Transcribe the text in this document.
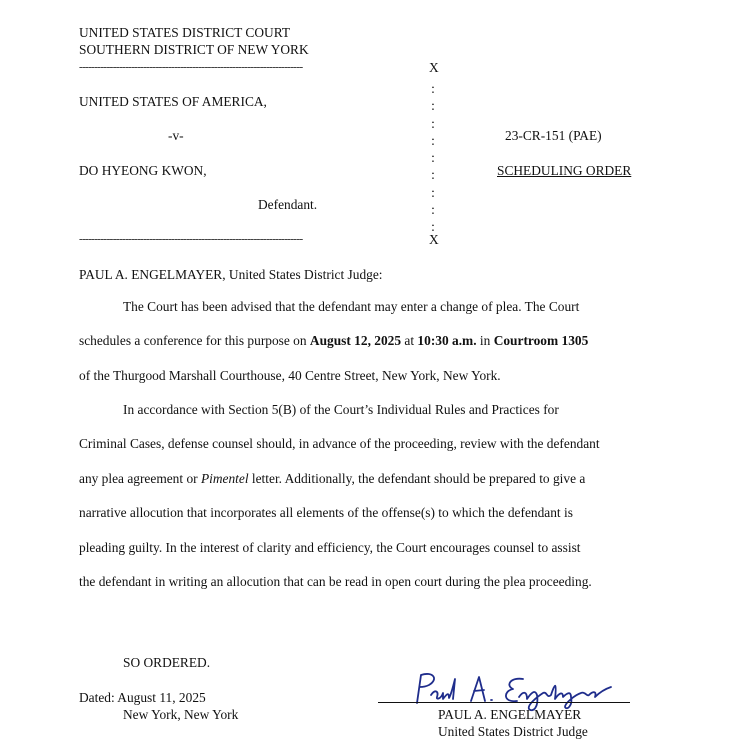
UNITED STATES DISTRICT COURT
SOUTHERN DISTRICT OF NEW YORK
-------------------------------------------------------------------------	X
:
:
:
:
:
:
:
:
:
UNITED STATES OF AMERICA,
-v-	23-CR-151 (PAE)
DO HYEONG KWON,	SCHEDULING ORDER
Defendant.
-------------------------------------------------------------------------	X
PAUL A. ENGELMAYER, United States District Judge:
The Court has been advised that the defendant may enter a change of plea. The Court
schedules a conference for this purpose on August 12, 2025 at 10:30 a.m. in Courtroom 1305
of the Thurgood Marshall Courthouse, 40 Centre Street, New York, New York.
In accordance with Section 5(B) of the Court’s Individual Rules and Practices for
Criminal Cases, defense counsel should, in advance of the proceeding, review with the defendant
any plea agreement or Pimentel letter. Additionally, the defendant should be prepared to give a
narrative allocution that incorporates all elements of the offense(s) to which the defendant is
pleading guilty. In the interest of clarity and efficiency, the Court encourages counsel to assist
the defendant in writing an allocution that can be read in open court during the plea proceeding.
SO ORDERED.
Dated: August 11, 2025
New York, New York	PAUL A. ENGELMAYER
United States District Judge
